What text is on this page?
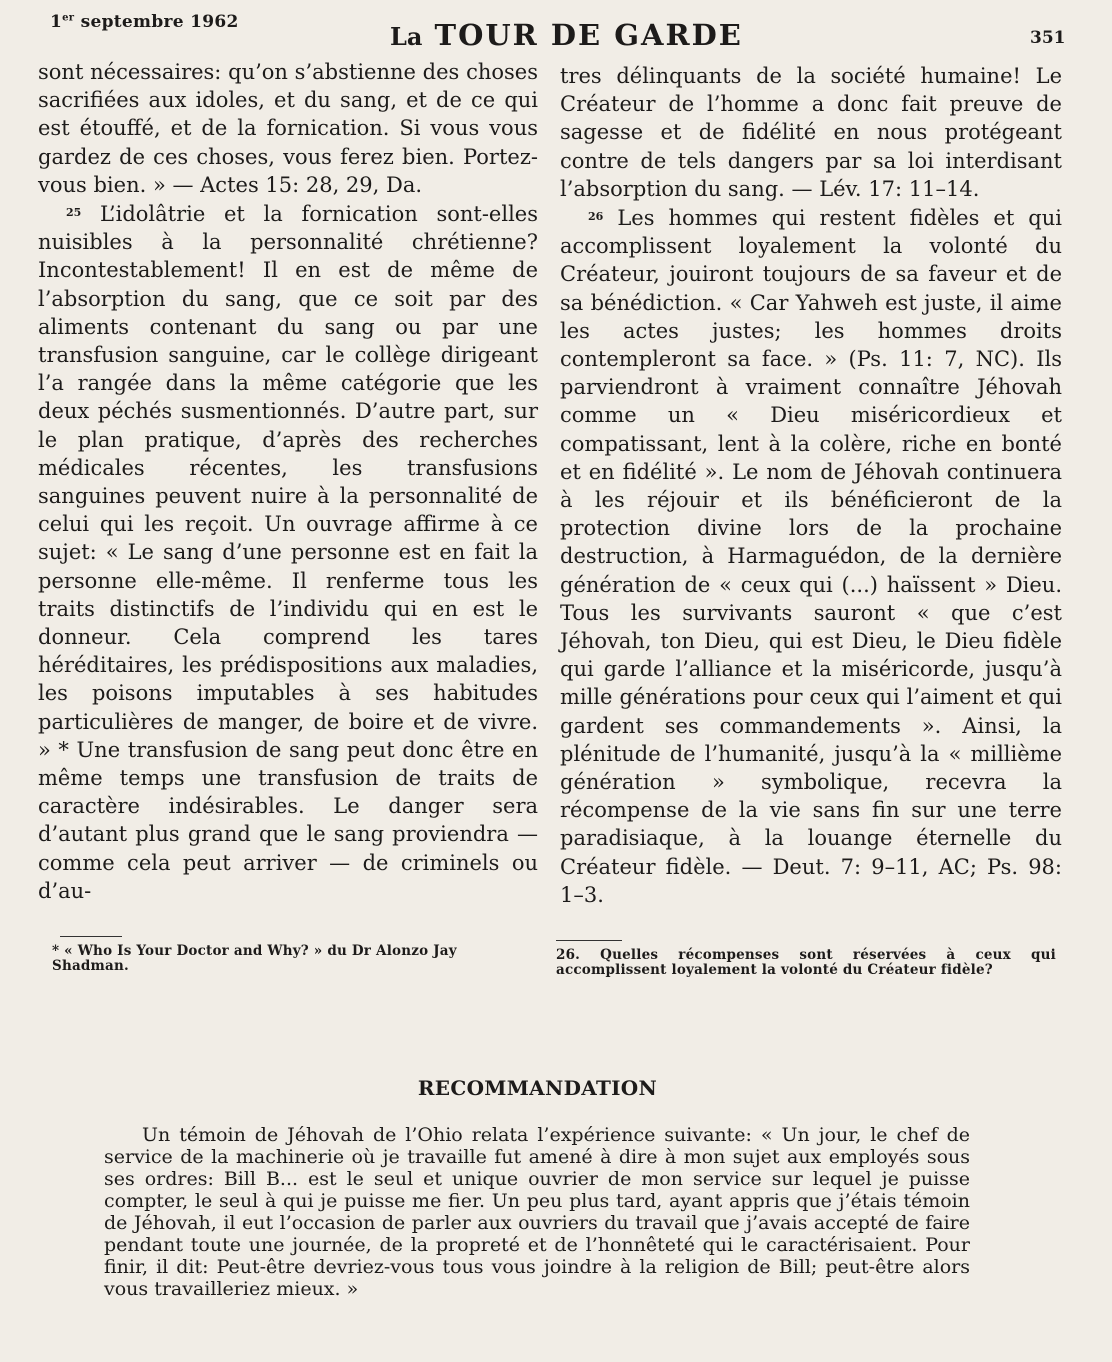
1er septembre 1962	La TOUR DE GARDE	351

sont nécessaires: qu’on s’abstienne des choses sacrifiées aux idoles, et du sang, et de ce qui est étouffé, et de la fornication. Si vous vous gardez de ces choses, vous ferez bien. Portez-vous bien. » — Actes 15: 28, 29, Da.

$^{25}$ L’idolâtrie et la fornication sont-elles nuisibles à la personnalité chrétienne? Incontestablement! Il en est de même de l’absorption du sang, que ce soit par des aliments contenant du sang ou par une transfusion sanguine, car le collège dirigeant l’a rangée dans la même catégorie que les deux péchés susmentionnés. D’autre part, sur le plan pratique, d’après des recherches médicales récentes, les transfusions sanguines peuvent nuire à la personnalité de celui qui les reçoit. Un ouvrage affirme à ce sujet: « Le sang d’une personne est en fait la personne elle-même. Il renferme tous les traits distinctifs de l’individu qui en est le donneur. Cela comprend les tares héréditaires, les prédispositions aux maladies, les poisons imputables à ses habitudes particulières de manger, de boire et de vivre. » * Une transfusion de sang peut donc être en même temps une transfusion de traits de caractère indésirables. Le danger sera d’autant plus grand que le sang proviendra — comme cela peut arriver — de criminels ou d’au-

* « Who Is Your Doctor and Why? » du Dr Alonzo Jay Shadman.

tres délinquants de la société humaine! Le Créateur de l’homme a donc fait preuve de sagesse et de fidélité en nous protégeant contre de tels dangers par sa loi interdisant l’absorption du sang. — Lév. 17: 11–14.

$^{26}$ Les hommes qui restent fidèles et qui accomplissent loyalement la volonté du Créateur, jouiront toujours de sa faveur et de sa bénédiction. « Car Yahweh est juste, il aime les actes justes; les hommes droits contempleront sa face. » (Ps. 11: 7, NC). Ils parviendront à vraiment connaître Jéhovah comme un « Dieu miséricordieux et compatissant, lent à la colère, riche en bonté et en fidélité ». Le nom de Jéhovah continuera à les réjouir et ils bénéficieront de la protection divine lors de la prochaine destruction, à Harmaguédon, de la dernière génération de « ceux qui (...) haïssent » Dieu. Tous les survivants sauront « que c’est Jéhovah, ton Dieu, qui est Dieu, le Dieu fidèle qui garde l’alliance et la miséricorde, jusqu’à mille générations pour ceux qui l’aiment et qui gardent ses commandements ». Ainsi, la plénitude de l’humanité, jusqu’à la « millième génération » symbolique, recevra la récompense de la vie sans fin sur une terre paradisiaque, à la louange éternelle du Créateur fidèle. — Deut. 7: 9–11, AC; Ps. 98: 1–3.

26. Quelles récompenses sont réservées à ceux qui accomplissent loyalement la volonté du Créateur fidèle?
RECOMMANDATION
Un témoin de Jéhovah de l’Ohio relata l’expérience suivante: « Un jour, le chef de service de la machinerie où je travaille fut amené à dire à mon sujet aux employés sous ses ordres: Bill B... est le seul et unique ouvrier de mon service sur lequel je puisse compter, le seul à qui je puisse me fier. Un peu plus tard, ayant appris que j’étais témoin de Jéhovah, il eut l’occasion de parler aux ouvriers du travail que j’avais accepté de faire pendant toute une journée, de la propreté et de l’honnêteté qui le caractérisaient. Pour finir, il dit: Peut-être devriez-vous tous vous joindre à la religion de Bill; peut-être alors vous travailleriez mieux. »
